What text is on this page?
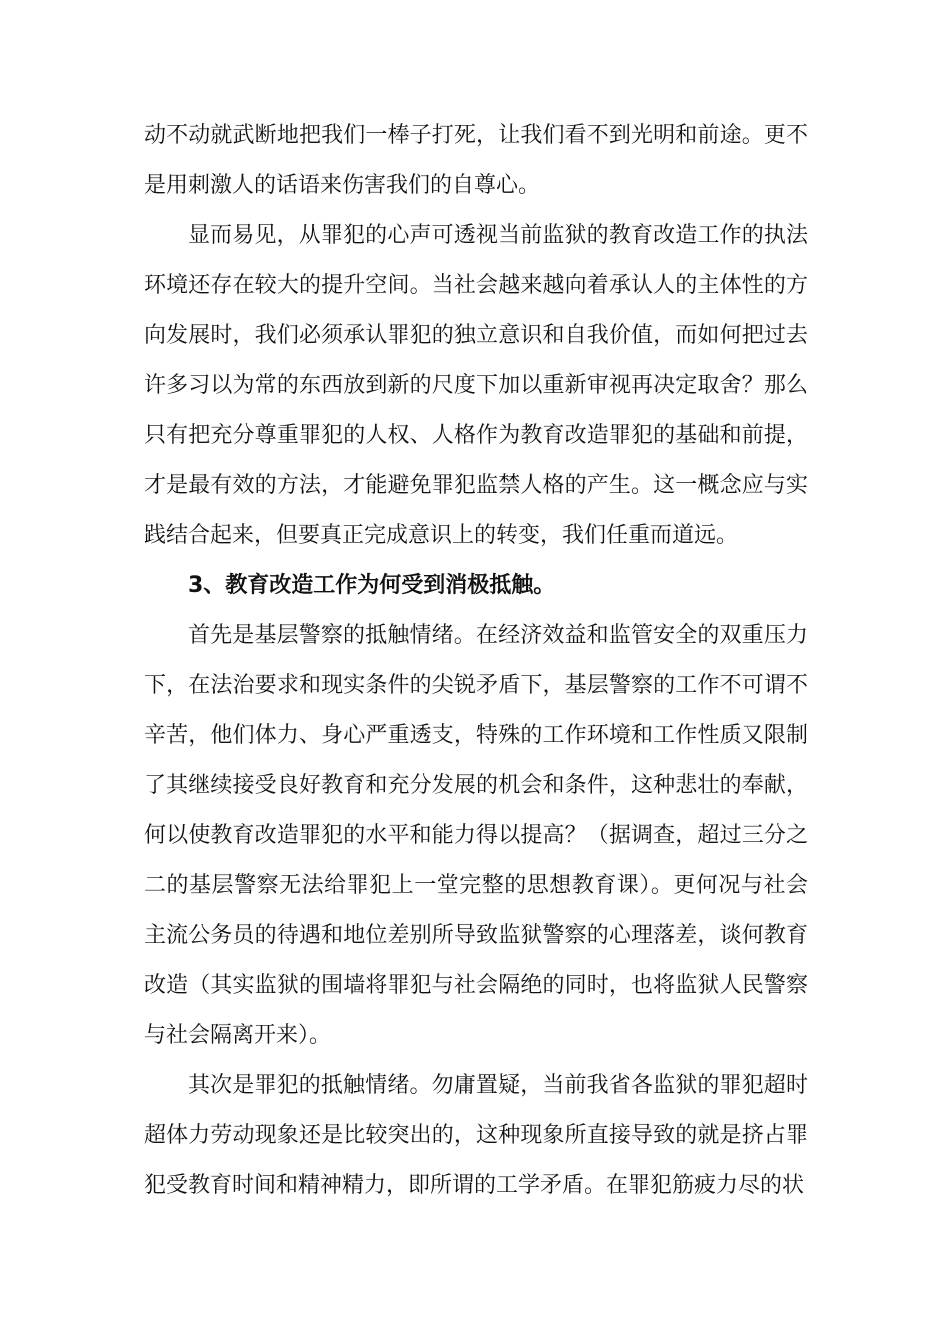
动不动就武断地把我们一棒子打死，让我们看不到光明和前途。更不是用刺激人的话语来伤害我们的自尊心。

显而易见，从罪犯的心声可透视当前监狱的教育改造工作的执法环境还存在较大的提升空间。当社会越来越向着承认人的主体性的方向发展时，我们必须承认罪犯的独立意识和自我价值，而如何把过去许多习以为常的东西放到新的尺度下加以重新审视再决定取舍？那么只有把充分尊重罪犯的人权、人格作为教育改造罪犯的基础和前提，才是最有效的方法，才能避免罪犯监禁人格的产生。这一概念应与实践结合起来，但要真正完成意识上的转变，我们任重而道远。

3、教育改造工作为何受到消极抵触。

首先是基层警察的抵触情绪。在经济效益和监管安全的双重压力下，在法治要求和现实条件的尖锐矛盾下，基层警察的工作不可谓不辛苦，他们体力、身心严重透支，特殊的工作环境和工作性质又限制了其继续接受良好教育和充分发展的机会和条件，这种悲壮的奉献，何以使教育改造罪犯的水平和能力得以提高？（据调查，超过三分之二的基层警察无法给罪犯上一堂完整的思想教育课）。更何况与社会主流公务员的待遇和地位差别所导致监狱警察的心理落差，谈何教育改造（其实监狱的围墙将罪犯与社会隔绝的同时，也将监狱人民警察与社会隔离开来）。

其次是罪犯的抵触情绪。勿庸置疑，当前我省各监狱的罪犯超时超体力劳动现象还是比较突出的，这种现象所直接导致的就是挤占罪犯受教育时间和精神精力，即所谓的工学矛盾。在罪犯筋疲力尽的状
